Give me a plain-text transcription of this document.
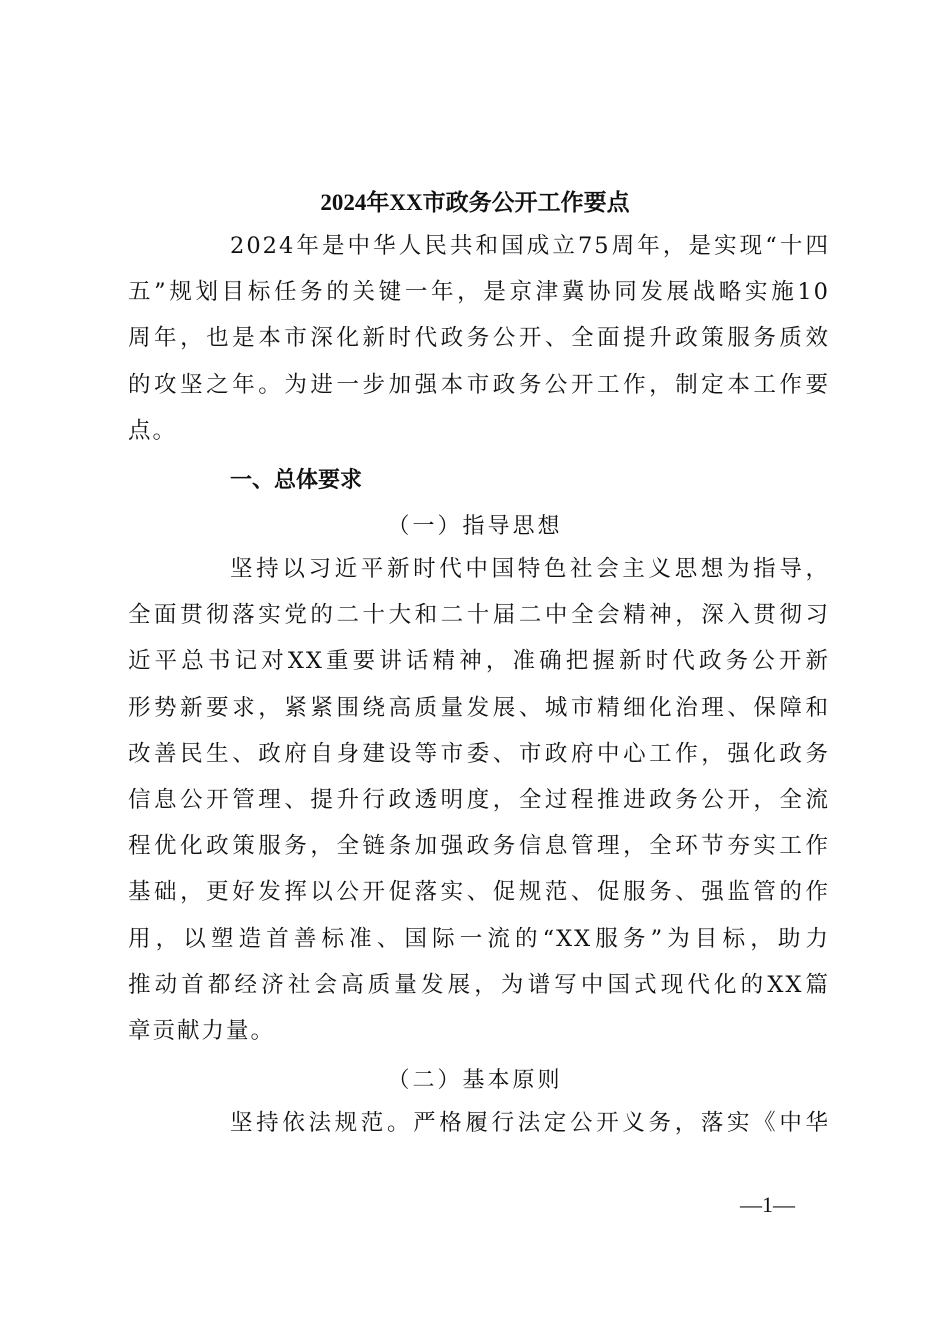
2024年XX市政务公开工作要点
2024年是中华人民共和国成立75周年，是实现“十四
五”规划目标任务的关键一年，是京津冀协同发展战略实施10
周年，也是本市深化新时代政务公开、全面提升政策服务质效
的攻坚之年。为进一步加强本市政务公开工作，制定本工作要
点。
一、总体要求
（一）指导思想
坚持以习近平新时代中国特色社会主义思想为指导，
全面贯彻落实党的二十大和二十届二中全会精神，深入贯彻习
近平总书记对XX重要讲话精神，准确把握新时代政务公开新
形势新要求，紧紧围绕高质量发展、城市精细化治理、保障和
改善民生、政府自身建设等市委、市政府中心工作，强化政务
信息公开管理、提升行政透明度，全过程推进政务公开，全流
程优化政策服务，全链条加强政务信息管理，全环节夯实工作
基础，更好发挥以公开促落实、促规范、促服务、强监管的作
用，以塑造首善标准、国际一流的“XX服务”为目标，助力
推动首都经济社会高质量发展，为谱写中国式现代化的XX篇
章贡献力量。
（二）基本原则
坚持依法规范。严格履行法定公开义务，落实《中华
—1—
